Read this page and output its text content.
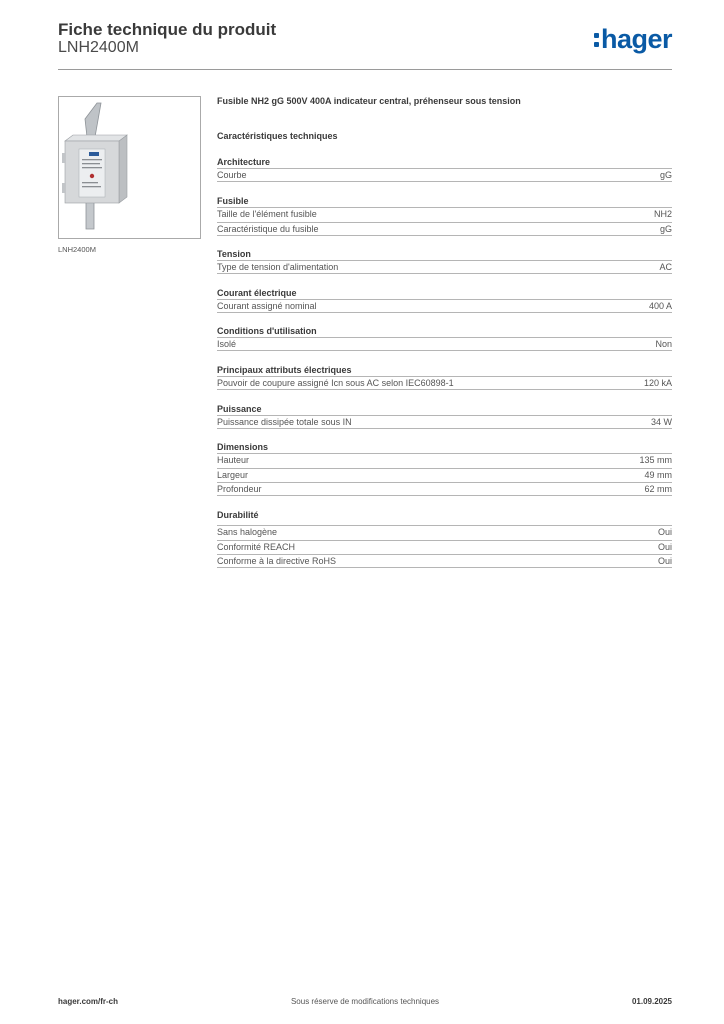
Fiche technique du produit
LNH2400M	hager
LNH2400M
Fusible NH2 gG 500V 400A indicateur central, préhenseur sous tension
Caractéristiques techniques
Architecture
Courbe	gG
Fusible
Taille de l'élément fusible	NH2
Caractéristique du fusible	gG
Tension
Type de tension d'alimentation	AC
Courant électrique
Courant assigné nominal	400 A
Conditions d'utilisation
Isolé	Non
Principaux attributs électriques
Pouvoir de coupure assigné Icn sous AC selon IEC60898-1	120 kA
Puissance
Puissance dissipée totale sous IN	34 W
Dimensions
Hauteur	135 mm
Largeur	49 mm
Profondeur	62 mm
Durabilité
Sans halogène	Oui
Conformité REACH	Oui
Conforme à la directive RoHS	Oui
hager.com/fr-ch	Sous réserve de modifications techniques	01.09.2025
